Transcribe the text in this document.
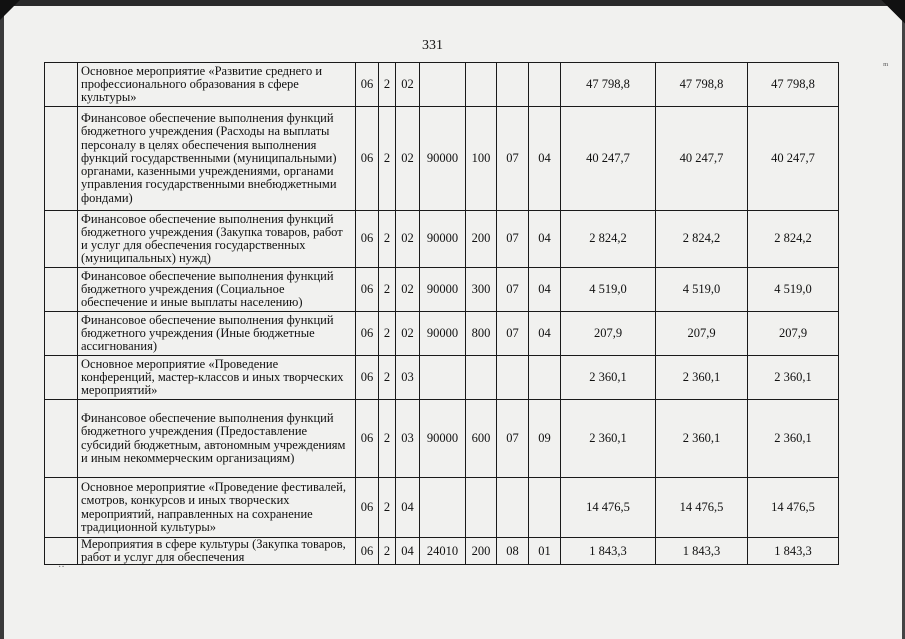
ᵐ
··
331
	Основное мероприятие «Развитие среднего и профессионального образования в сфере культуры»	06	2	02					47 798,8	47 798,8	47 798,8
	Финансовое обеспечение выполнения функций бюджетного учреждения (Расходы на выплаты персоналу в целях обеспечения выполнения функций государственными (муниципальными) органами, казенными учреждениями, органами управления государственными внебюджетными фондами)	06	2	02	90000	100	07	04	40 247,7	40 247,7	40 247,7
	Финансовое обеспечение выполнения функций бюджетного учреждения (Закупка товаров, работ и услуг для обеспечения государственных (муниципальных) нужд)	06	2	02	90000	200	07	04	2 824,2	2 824,2	2 824,2
	Финансовое обеспечение выполнения функций бюджетного учреждения (Социальное обеспечение и иные выплаты населению)	06	2	02	90000	300	07	04	4 519,0	4 519,0	4 519,0
	Финансовое обеспечение выполнения функций бюджетного учреждения (Иные бюджетные ассигнования)	06	2	02	90000	800	07	04	207,9	207,9	207,9
	Основное мероприятие «Проведение конференций, мастер-классов и иных творческих мероприятий»	06	2	03					2 360,1	2 360,1	2 360,1
	Финансовое обеспечение выполнения функций бюджетного учреждения (Предоставление субсидий бюджетным, автономным учреждениям и иным некоммерческим организациям)	06	2	03	90000	600	07	09	2 360,1	2 360,1	2 360,1
	Основное мероприятие «Проведение фестивалей, смотров, конкурсов и иных творческих мероприятий, направленных на сохранение традиционной культуры»	06	2	04					14 476,5	14 476,5	14 476,5
	Мероприятия в сфере культуры (Закупка товаров, работ и услуг для обеспечения	06	2	04	24010	200	08	01	1 843,3	1 843,3	1 843,3
